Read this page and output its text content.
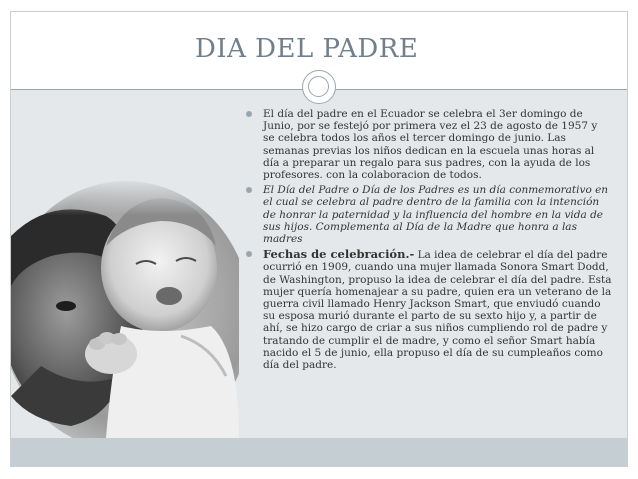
DIA DEL PADRE

El día del padre en el Ecuador se celebra el 3er domingo de Junio, por se festejó por primera vez el 23 de agosto de 1957 y se celebra todos los años el tercer domingo de junio. Las semanas previas los niños dedican en la escuela unas horas al día a preparar un regalo para sus padres, con la ayuda de los profesores. con la colaboracion de todos.

El Día del Padre o Día de los Padres es un día conmemorativo en el cual se celebra al padre dentro de la familia con la intención de honrar la paternidad y la influencia del hombre en la vida de sus hijos. Complementa al Día de la Madre que honra a las madres

Fechas de celebración.- La idea de celebrar el día del padre ocurrió en 1909, cuando una mujer llamada Sonora Smart Dodd, de Washington, propuso la idea de celebrar el día del padre. Esta mujer quería homenajear a su padre, quien era un veterano de la guerra civil llamado Henry Jackson Smart, que enviudó cuando su esposa murió durante el parto de su sexto hijo y, a partir de ahí, se hizo cargo de criar a sus niños cumpliendo rol de padre y tratando de cumplir el de madre, y como el señor Smart había nacido el 5 de junio, ella propuso el día de su cumpleaños como día del padre.
